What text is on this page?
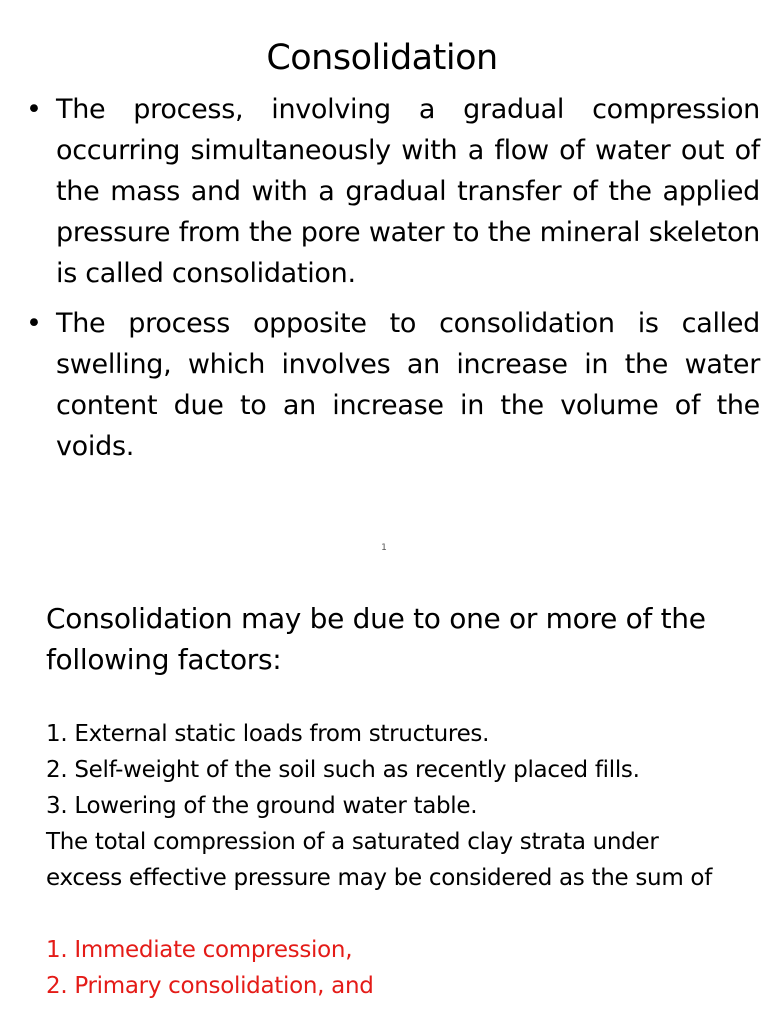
Consolidation
• The process, involving a gradual compression occurring simultaneously with a flow of water out of the mass and with a gradual transfer of the applied pressure from the pore water to the mineral skeleton is called consolidation.
• The process opposite to consolidation is called swelling, which involves an increase in the water content due to an increase in the volume of the voids.
1
Consolidation may be due to one or more of the following factors:
1. External static loads from structures.
2. Self-weight of the soil such as recently placed fills.
3. Lowering of the ground water table.
The total compression of a saturated clay strata under excess effective pressure may be considered as the sum of
1. Immediate compression,
2. Primary consolidation, and
